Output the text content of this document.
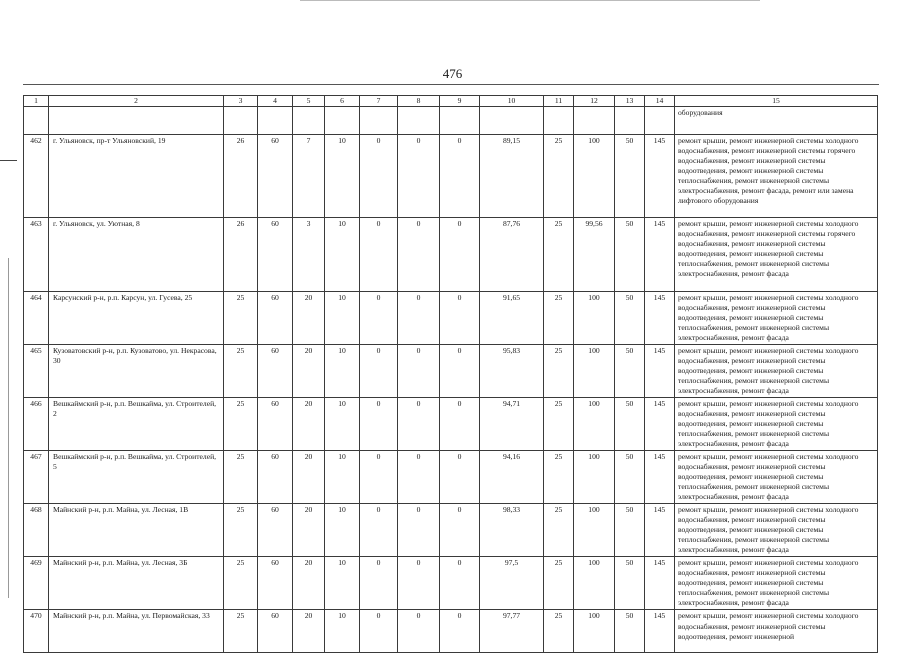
476
1	2	3	4	5	6	7	8	9	10	11	12	13	14	15
														оборудования
462	г. Ульяновск, пр-т Ульяновский, 19	26	60	7	10	0	0	0	89,15	25	100	50	145	ремонт крыши, ремонт инженерной системы холодного водоснабжения, ремонт инженерной системы горячего водоснабжения, ремонт инженерной системы водоотведения, ремонт инженерной системы теплоснабжения, ремонт инженерной системы электроснабжения, ремонт фасада, ремонт или замена лифтового оборудования
463	г. Ульяновск, ул. Уютная, 8	26	60	3	10	0	0	0	87,76	25	99,56	50	145	ремонт крыши, ремонт инженерной системы холодного водоснабжения, ремонт инженерной системы горячего водоснабжения, ремонт инженерной системы водоотведения, ремонт инженерной системы теплоснабжения, ремонт инженерной системы электроснабжения, ремонт фасада
464	Карсунский р-н, р.п. Карсун, ул. Гусева, 25	25	60	20	10	0	0	0	91,65	25	100	50	145	ремонт крыши, ремонт инженерной системы холодного водоснабжения, ремонт инженерной системы водоотведения, ремонт инженерной системы теплоснабжения, ремонт инженерной системы электроснабжения, ремонт фасада
465	Кузоватовский р-н, р.п. Кузоватово, ул. Некрасова, 30	25	60	20	10	0	0	0	95,83	25	100	50	145	ремонт крыши, ремонт инженерной системы холодного водоснабжения, ремонт инженерной системы водоотведения, ремонт инженерной системы теплоснабжения, ремонт инженерной системы электроснабжения, ремонт фасада
466	Вешкаймский р-н, р.п. Вешкайма, ул. Строителей, 2	25	60	20	10	0	0	0	94,71	25	100	50	145	ремонт крыши, ремонт инженерной системы холодного водоснабжения, ремонт инженерной системы водоотведения, ремонт инженерной системы теплоснабжения, ремонт инженерной системы электроснабжения, ремонт фасада
467	Вешкаймский р-н, р.п. Вешкайма, ул. Строителей, 5	25	60	20	10	0	0	0	94,16	25	100	50	145	ремонт крыши, ремонт инженерной системы холодного водоснабжения, ремонт инженерной системы водоотведения, ремонт инженерной системы теплоснабжения, ремонт инженерной системы электроснабжения, ремонт фасада
468	Майнский р-н, р.п. Майна, ул. Лесная, 1В	25	60	20	10	0	0	0	98,33	25	100	50	145	ремонт крыши, ремонт инженерной системы холодного водоснабжения, ремонт инженерной системы водоотведения, ремонт инженерной системы теплоснабжения, ремонт инженерной системы электроснабжения, ремонт фасада
469	Майнский р-н, р.п. Майна, ул. Лесная, 3Б	25	60	20	10	0	0	0	97,5	25	100	50	145	ремонт крыши, ремонт инженерной системы холодного водоснабжения, ремонт инженерной системы водоотведения, ремонт инженерной системы теплоснабжения, ремонт инженерной системы электроснабжения, ремонт фасада
470	Майнский р-н, р.п. Майна, ул. Первомайская, 33	25	60	20	10	0	0	0	97,77	25	100	50	145	ремонт крыши, ремонт инженерной системы холодного водоснабжения, ремонт инженерной системы водоотведения, ремонт инженерной
